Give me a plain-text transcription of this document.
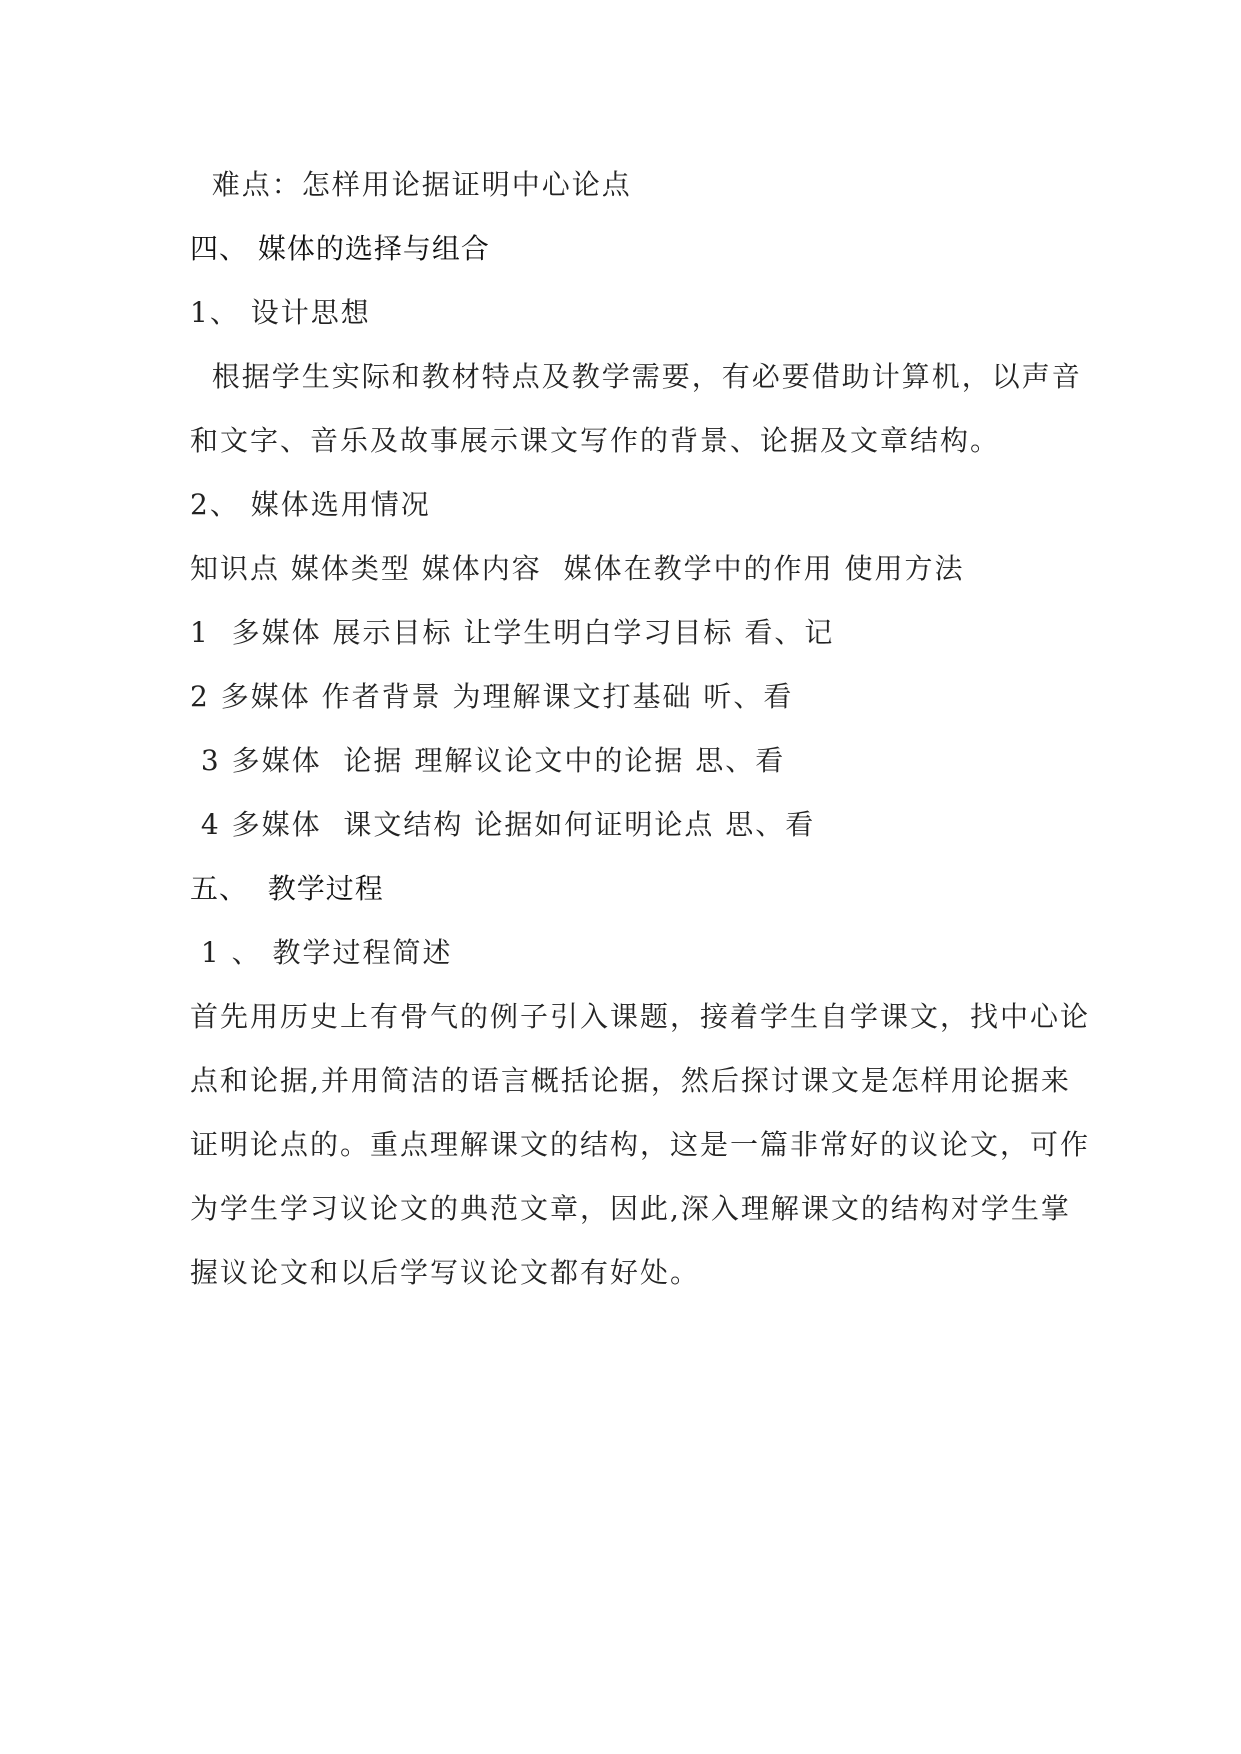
难点：怎样用论据证明中心论点
四、 媒体的选择与组合
1、 设计思想
根据学生实际和教材特点及教学需要，有必要借助计算机，以声音
和文字、音乐及故事展示课文写作的背景、论据及文章结构。
2、 媒体选用情况
知识点 媒体类型 媒体内容  媒体在教学中的作用 使用方法
1  多媒体 展示目标 让学生明白学习目标 看、记
2 多媒体 作者背景 为理解课文打基础 听、看
3 多媒体  论据 理解议论文中的论据 思、看
4 多媒体  课文结构 论据如何证明论点 思、看
五、  教学过程
1 、 教学过程简述
首先用历史上有骨气的例子引入课题，接着学生自学课文，找中心论
点和论据,并用简洁的语言概括论据，然后探讨课文是怎样用论据来
证明论点的。重点理解课文的结构，这是一篇非常好的议论文，可作
为学生学习议论文的典范文章，因此,深入理解课文的结构对学生掌
握议论文和以后学写议论文都有好处。
